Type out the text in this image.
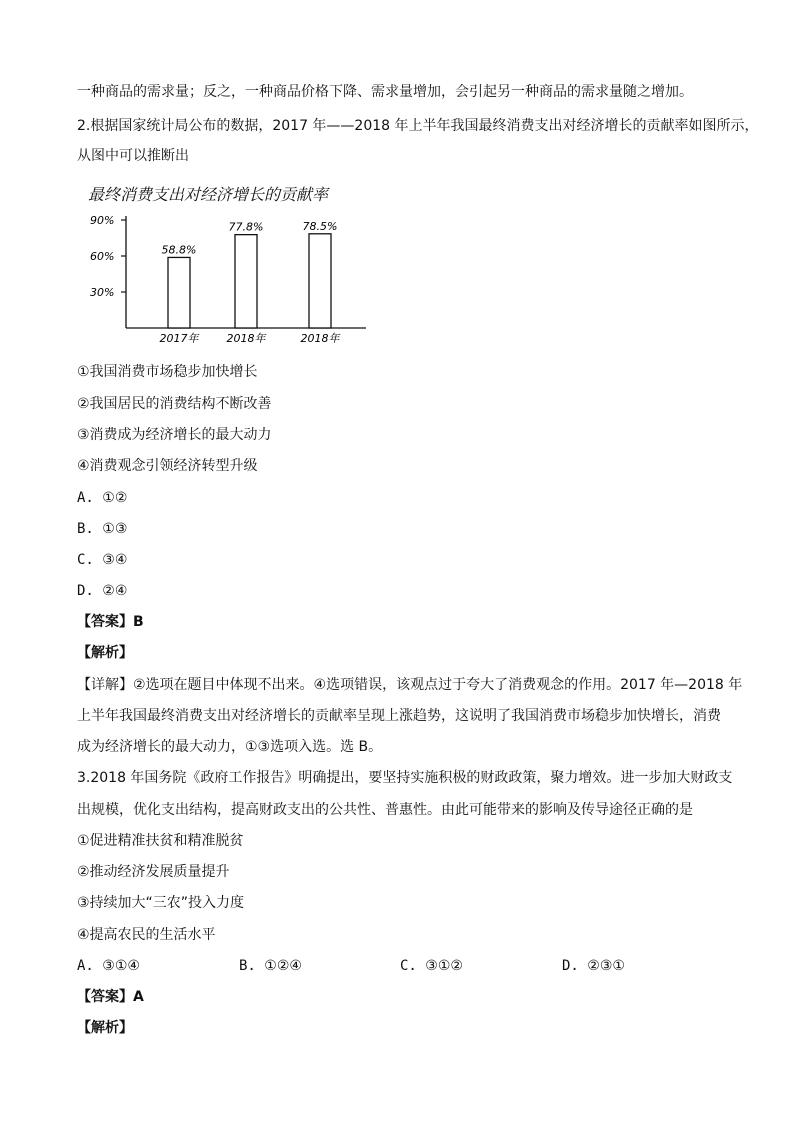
一种商品的需求量；反之，一种商品价格下降、需求量增加，会引起另一种商品的需求量随之增加。
2.根据国家统计局公布的数据，2017 年——2018 年上半年我国最终消费支出对经济增长的贡献率如图所示，
从图中可以推断出
最终消费支出对经济增长的贡献率
30%
60%
90%
58.8%
77.8%	78.5%
2017年	2018年	2018年
①我国消费市场稳步加快增长
②我国居民的消费结构不断改善
③消费成为经济增长的最大动力
④消费观念引领经济转型升级
A. ①②
B. ①③
C. ③④
D. ②④
【答案】B
【解析】
【详解】②选项在题目中体现不出来。④选项错误，该观点过于夸大了消费观念的作用。2017 年—2018 年
上半年我国最终消费支出对经济增长的贡献率呈现上涨趋势，这说明了我国消费市场稳步加快增长，消费
成为经济增长的最大动力，①③选项入选。选 B。
3.2018 年国务院《政府工作报告》明确提出，要坚持实施积极的财政政策，聚力增效。进一步加大财政支
出规模，优化支出结构，提高财政支出的公共性、普惠性。由此可能带来的影响及传导途径正确的是
①促进精准扶贫和精准脱贫
②推动经济发展质量提升
③持续加大“三农”投入力度
④提高农民的生活水平
A. ③①④	B. ①②④	C. ③①②	D. ②③①
【答案】A
【解析】
